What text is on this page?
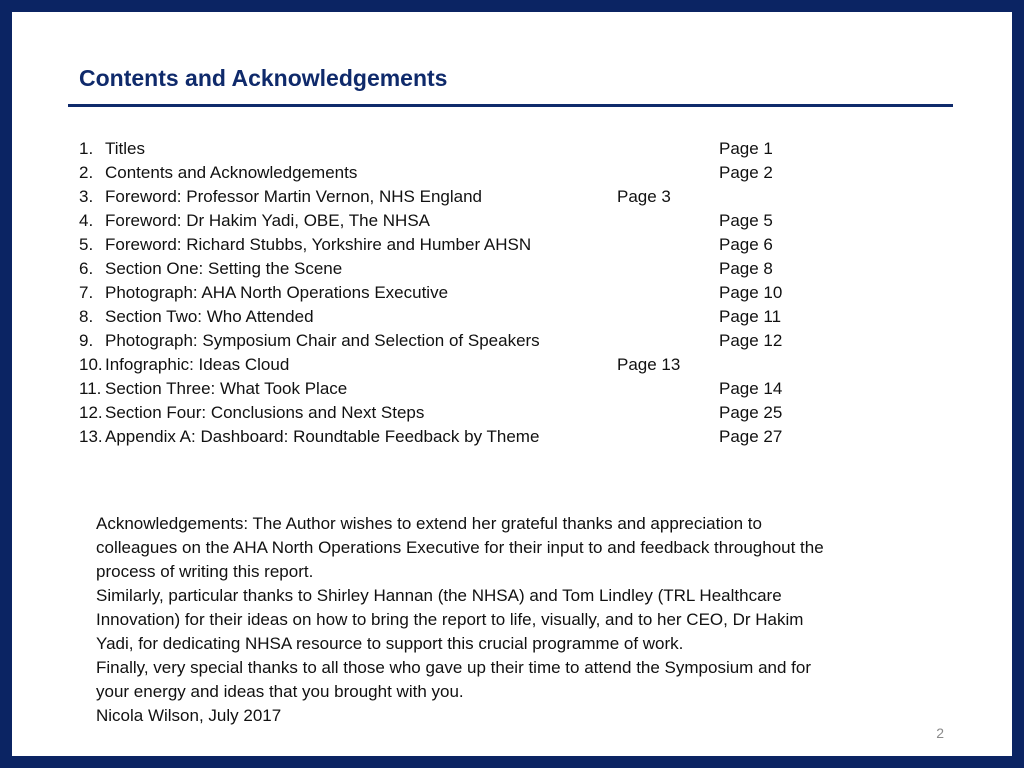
Contents and Acknowledgements
1. Titles	Page 1
2. Contents and Acknowledgements	Page 2
3. Foreword: Professor Martin Vernon, NHS England	Page 3
4. Foreword: Dr Hakim Yadi, OBE, The NHSA	Page 5
5. Foreword: Richard Stubbs, Yorkshire and Humber AHSN	Page 6
6. Section One: Setting the Scene	Page 8
7. Photograph: AHA North Operations Executive	Page 10
8. Section Two: Who Attended	Page 11
9. Photograph: Symposium Chair and Selection of Speakers	Page 12
10. Infographic: Ideas Cloud	Page 13
11. Section Three: What Took Place	Page 14
12. Section Four: Conclusions and Next Steps	Page 25
13. Appendix A: Dashboard: Roundtable Feedback by Theme	Page 27

Acknowledgements: The Author wishes to extend her grateful thanks and appreciation to colleagues on the AHA North Operations Executive for their input to and feedback throughout the process of writing this report.

Similarly, particular thanks to Shirley Hannan (the NHSA) and Tom Lindley (TRL Healthcare Innovation) for their ideas on how to bring the report to life, visually, and to her CEO, Dr Hakim Yadi, for dedicating NHSA resource to support this crucial programme of work.

Finally, very special thanks to all those who gave up their time to attend the Symposium and for your energy and ideas that you brought with you.

Nicola Wilson, July 2017

2
